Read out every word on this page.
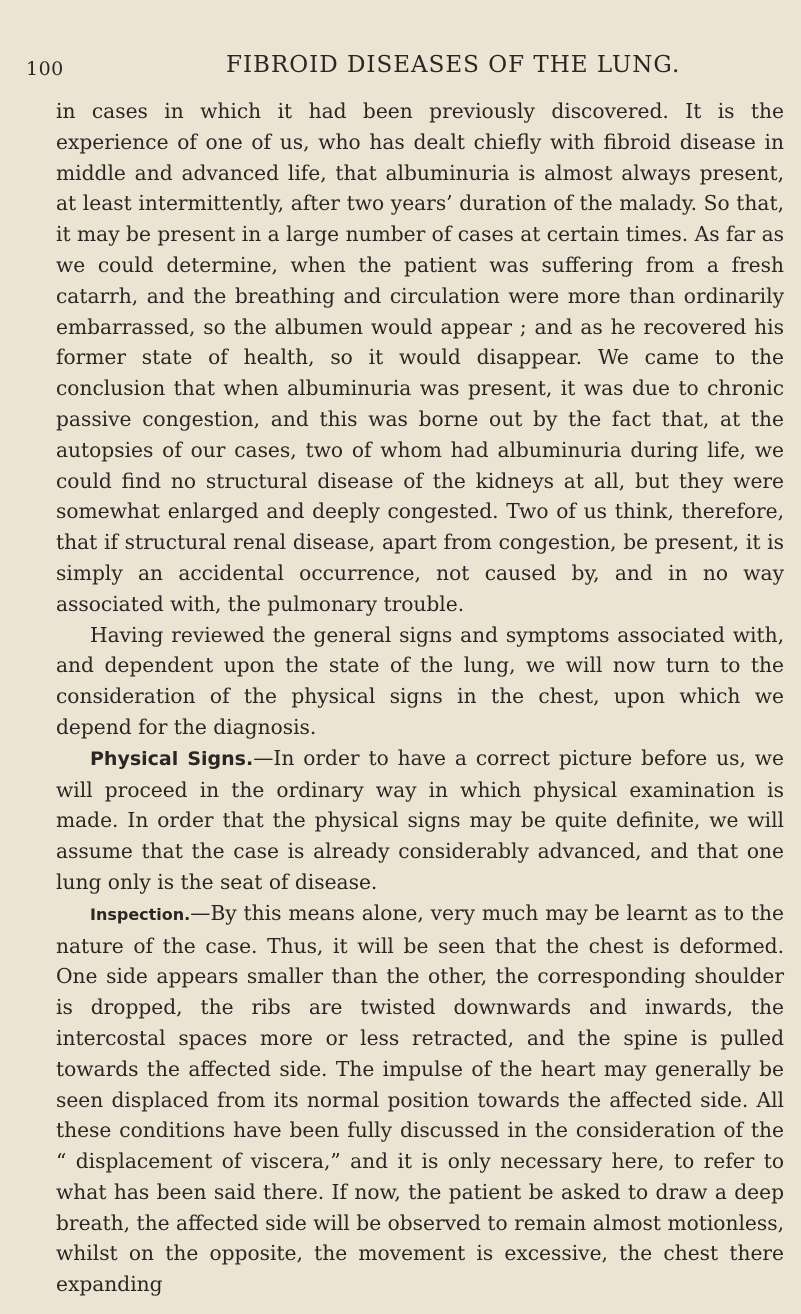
100	FIBROID DISEASES OF THE LUNG.

in cases in which it had been previously discovered. It is the experience of one of us, who has dealt chiefly with fibroid disease in middle and advanced life, that albuminuria is almost always present, at least intermittently, after two years’ duration of the malady. So that, it may be present in a large number of cases at certain times. As far as we could determine, when the patient was suffering from a fresh catarrh, and the breathing and circulation were more than ordinarily embarrassed, so the albumen would appear ; and as he recovered his former state of health, so it would disappear. We came to the conclusion that when albuminuria was present, it was due to chronic passive congestion, and this was borne out by the fact that, at the autopsies of our cases, two of whom had albuminuria during life, we could find no structural disease of the kidneys at all, but they were somewhat enlarged and deeply congested. Two of us think, therefore, that if structural renal disease, apart from congestion, be present, it is simply an accidental occurrence, not caused by, and in no way associated with, the pulmonary trouble.

Having reviewed the general signs and symptoms associated with, and dependent upon the state of the lung, we will now turn to the consideration of the physical signs in the chest, upon which we depend for the diagnosis.

Physical Signs.—In order to have a correct picture before us, we will proceed in the ordinary way in which physical examination is made. In order that the physical signs may be quite definite, we will assume that the case is already considerably advanced, and that one lung only is the seat of disease.

Inspection.—By this means alone, very much may be learnt as to the nature of the case. Thus, it will be seen that the chest is deformed. One side appears smaller than the other, the corresponding shoulder is dropped, the ribs are twisted downwards and inwards, the intercostal spaces more or less retracted, and the spine is pulled towards the affected side. The impulse of the heart may generally be seen displaced from its normal position towards the affected side. All these conditions have been fully discussed in the consideration of the “ displacement of viscera,” and it is only necessary here, to refer to what has been said there. If now, the patient be asked to draw a deep breath, the affected side will be observed to remain almost motionless, whilst on the opposite, the movement is excessive, the chest there expanding
